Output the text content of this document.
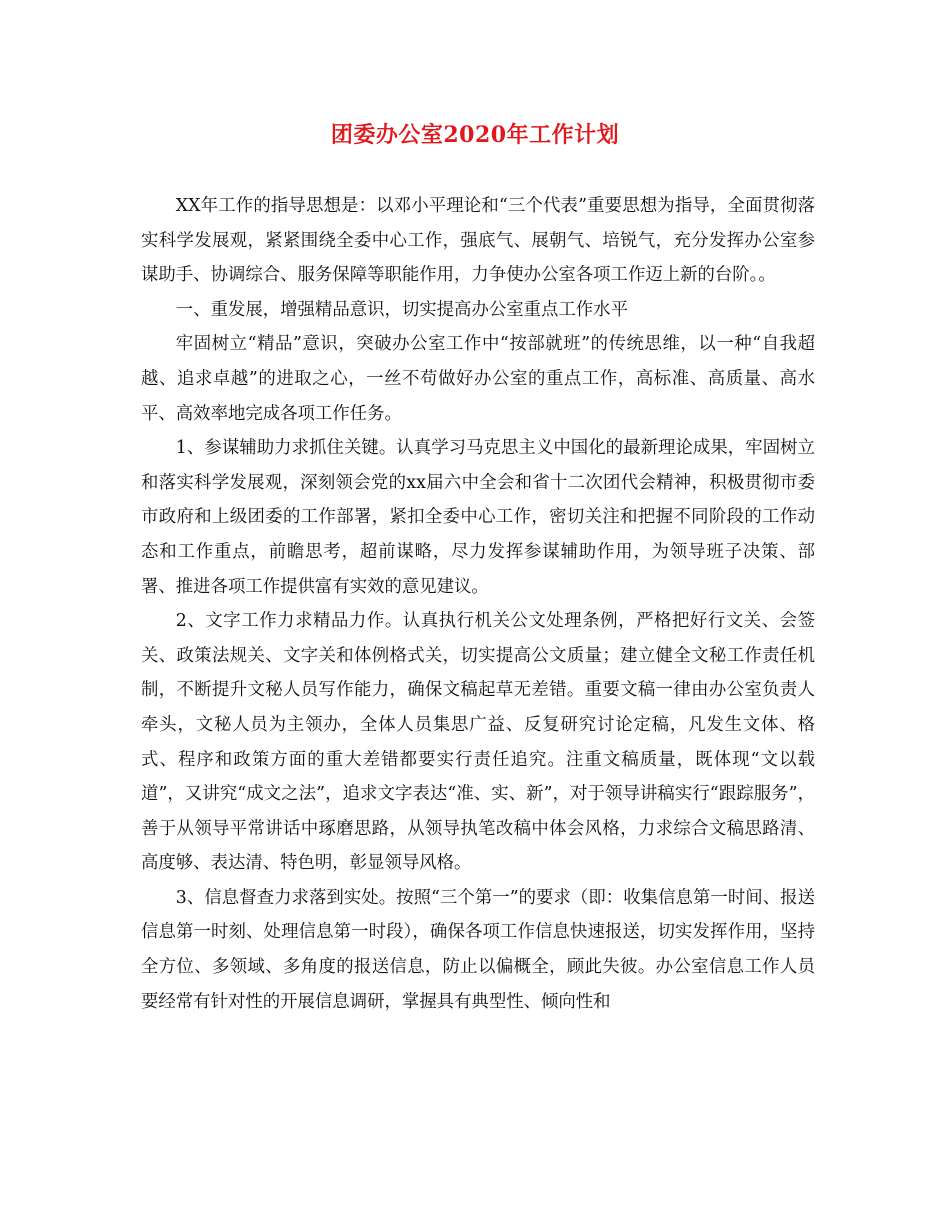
团委办公室2020年工作计划

XX年工作的指导思想是：以邓小平理论和“三个代表”重要思想为指导，全面贯彻落实科学发展观，紧紧围绕全委中心工作，强底气、展朝气、培锐气，充分发挥办公室参谋助手、协调综合、服务保障等职能作用，力争使办公室各项工作迈上新的台阶。。

一、重发展，增强精品意识，切实提高办公室重点工作水平

牢固树立“精品”意识，突破办公室工作中“按部就班”的传统思维，以一种“自我超越、追求卓越”的进取之心，一丝不苟做好办公室的重点工作，高标准、高质量、高水平、高效率地完成各项工作任务。

1、参谋辅助力求抓住关键。认真学习马克思主义中国化的最新理论成果，牢固树立和落实科学发展观，深刻领会党的xx届六中全会和省十二次团代会精神，积极贯彻市委市政府和上级团委的工作部署，紧扣全委中心工作，密切关注和把握不同阶段的工作动态和工作重点，前瞻思考，超前谋略，尽力发挥参谋辅助作用，为领导班子决策、部署、推进各项工作提供富有实效的意见建议。

2、文字工作力求精品力作。认真执行机关公文处理条例，严格把好行文关、会签关、政策法规关、文字关和体例格式关，切实提高公文质量；建立健全文秘工作责任机制，不断提升文秘人员写作能力，确保文稿起草无差错。重要文稿一律由办公室负责人牵头，文秘人员为主领办，全体人员集思广益、反复研究讨论定稿，凡发生文体、格式、程序和政策方面的重大差错都要实行责任追究。注重文稿质量，既体现“文以载道”，又讲究“成文之法”，追求文字表达“准、实、新”，对于领导讲稿实行“跟踪服务”，善于从领导平常讲话中琢磨思路，从领导执笔改稿中体会风格，力求综合文稿思路清、高度够、表达清、特色明，彰显领导风格。

3、信息督查力求落到实处。按照“三个第一”的要求（即：收集信息第一时间、报送信息第一时刻、处理信息第一时段），确保各项工作信息快速报送，切实发挥作用，坚持全方位、多领域、多角度的报送信息，防止以偏概全，顾此失彼。办公室信息工作人员要经常有针对性的开展信息调研，掌握具有典型性、倾向性和
